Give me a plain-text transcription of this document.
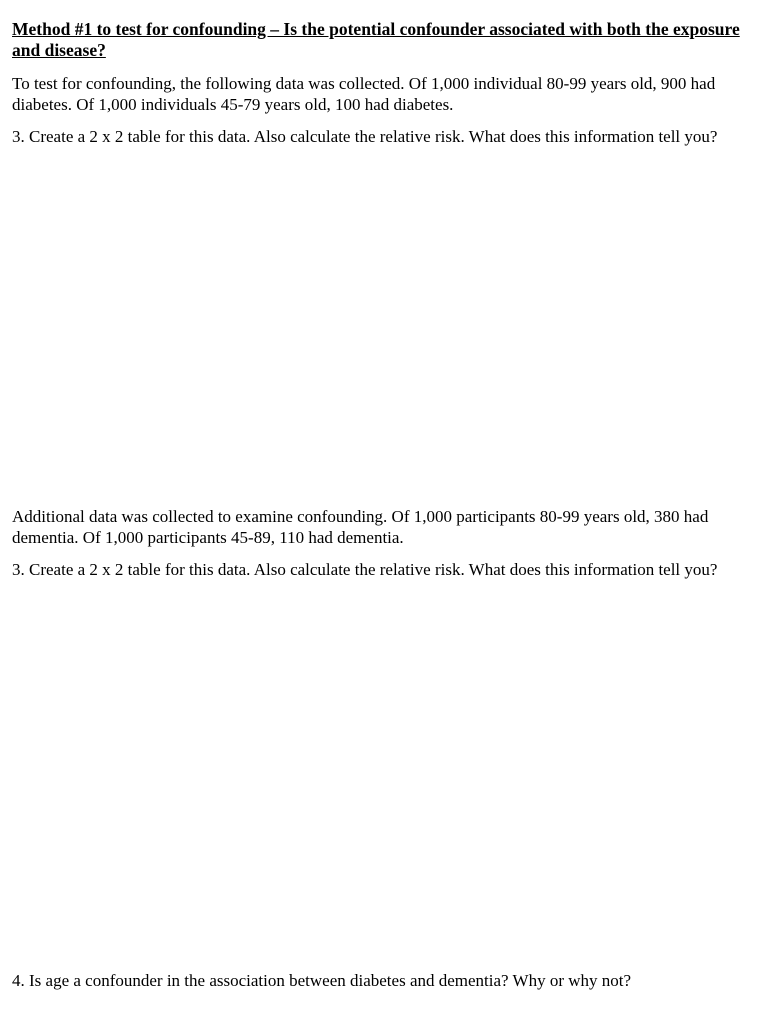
Method #1 to test for confounding – Is the potential confounder associated with both the exposure and disease?

To test for confounding, the following data was collected. Of 1,000 individual 80-99 years old, 900 had diabetes. Of 1,000 individuals 45-79 years old, 100 had diabetes.

3. Create a 2 x 2 table for this data. Also calculate the relative risk. What does this information tell you?

Additional data was collected to examine confounding. Of 1,000 participants 80-99 years old, 380 had dementia. Of 1,000 participants 45-89, 110 had dementia.

3. Create a 2 x 2 table for this data. Also calculate the relative risk. What does this information tell you?

4. Is age a confounder in the association between diabetes and dementia? Why or why not?
